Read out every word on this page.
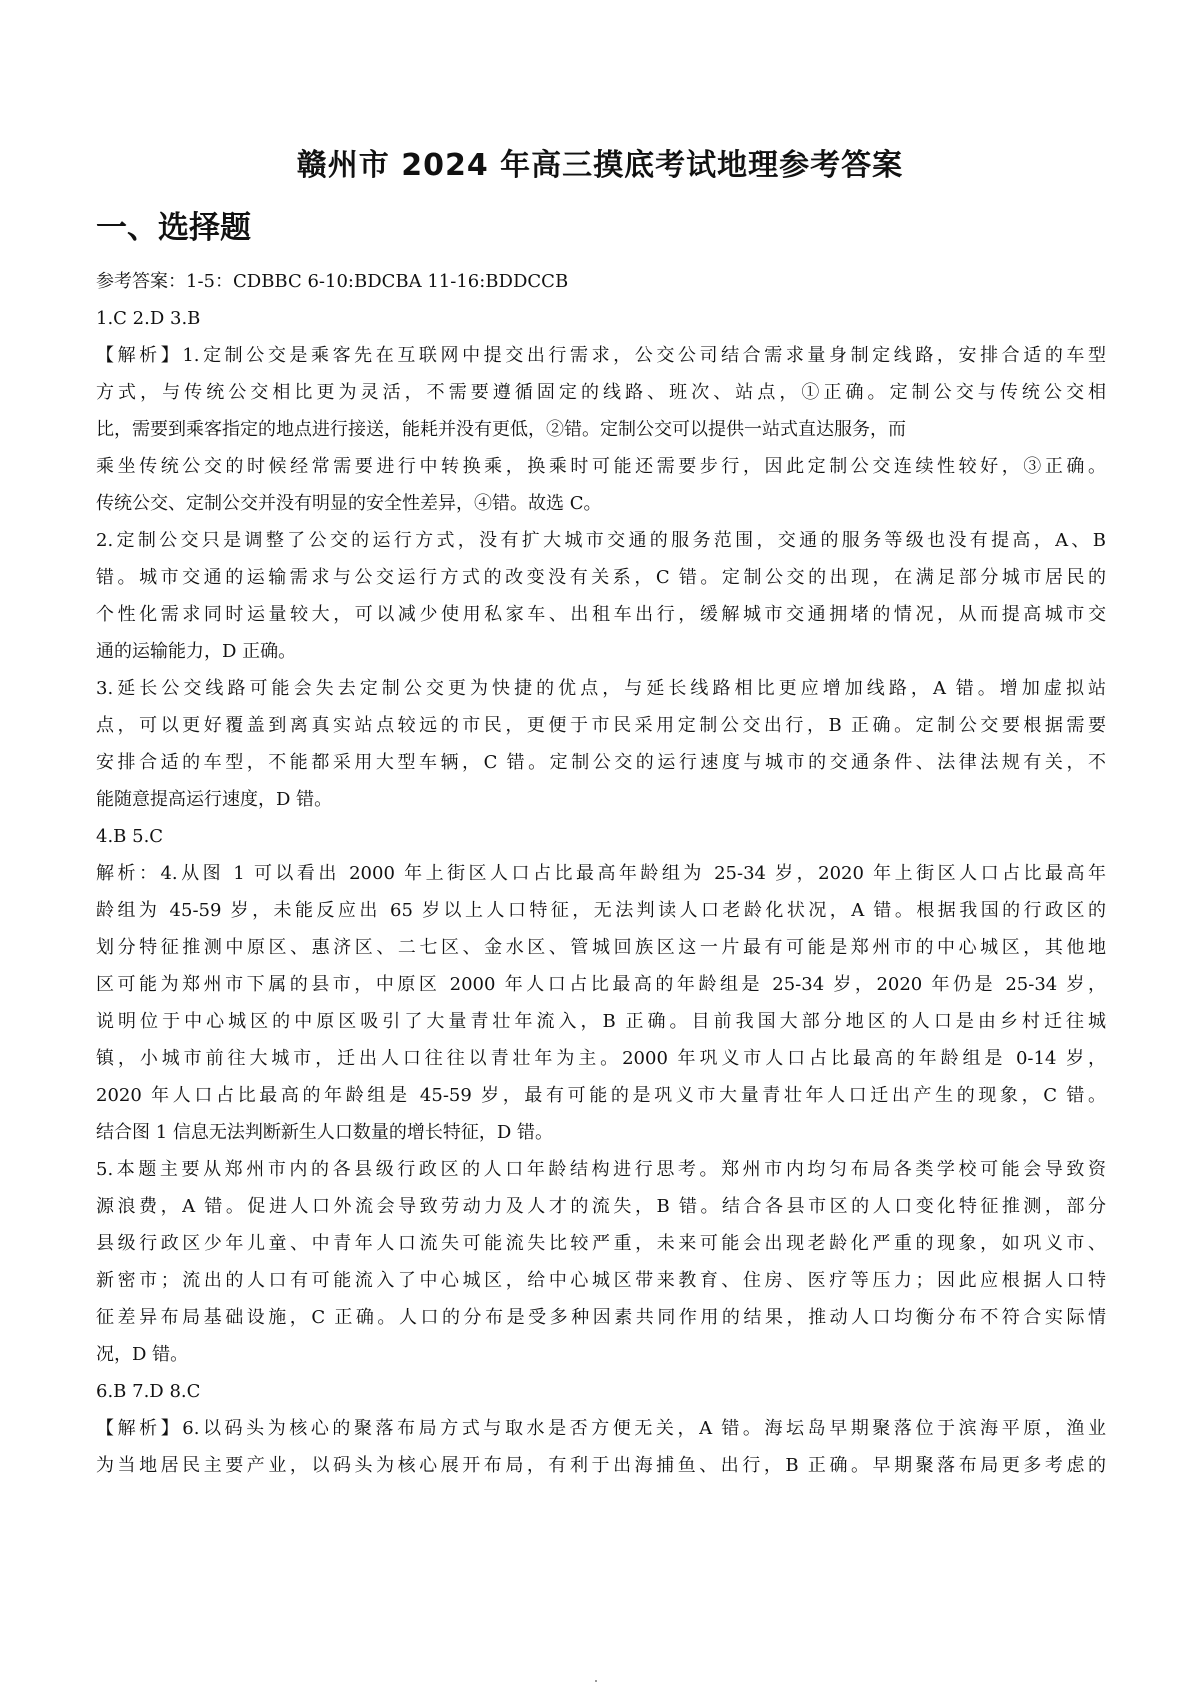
赣州市 2024 年高三摸底考试地理参考答案
一、选择题
参考答案：1-5：CDBBC 6-10:BDCBA 11-16:BDDCCB
1.C 2.D 3.B
【解析】1.定制公交是乘客先在互联网中提交出行需求，公交公司结合需求量身制定线路，安排合适的车型
方式，与传统公交相比更为灵活，不需要遵循固定的线路、班次、站点，①正确。定制公交与传统公交相
比，需要到乘客指定的地点进行接送，能耗并没有更低，②错。定制公交可以提供一站式直达服务，而
乘坐传统公交的时候经常需要进行中转换乘，换乘时可能还需要步行，因此定制公交连续性较好，③正确。
传统公交、定制公交并没有明显的安全性差异，④错。故选 C。
2.定制公交只是调整了公交的运行方式，没有扩大城市交通的服务范围，交通的服务等级也没有提高，A、B
错。城市交通的运输需求与公交运行方式的改变没有关系，C 错。定制公交的出现，在满足部分城市居民的
个性化需求同时运量较大，可以减少使用私家车、出租车出行，缓解城市交通拥堵的情况，从而提高城市交
通的运输能力，D 正确。
3.延长公交线路可能会失去定制公交更为快捷的优点，与延长线路相比更应增加线路，A 错。增加虚拟站
点，可以更好覆盖到离真实站点较远的市民，更便于市民采用定制公交出行，B 正确。定制公交要根据需要
安排合适的车型，不能都采用大型车辆，C 错。定制公交的运行速度与城市的交通条件、法律法规有关，不
能随意提高运行速度，D 错。
4.B 5.C
解析：4.从图 1 可以看出 2000 年上街区人口占比最高年龄组为 25-34 岁，2020 年上街区人口占比最高年
龄组为 45-59 岁，未能反应出 65 岁以上人口特征，无法判读人口老龄化状况，A 错。根据我国的行政区的
划分特征推测中原区、惠济区、二七区、金水区、管城回族区这一片最有可能是郑州市的中心城区，其他地
区可能为郑州市下属的县市，中原区 2000 年人口占比最高的年龄组是 25-34 岁，2020 年仍是 25-34 岁，
说明位于中心城区的中原区吸引了大量青壮年流入，B 正确。目前我国大部分地区的人口是由乡村迁往城
镇，小城市前往大城市，迁出人口往往以青壮年为主。2000 年巩义市人口占比最高的年龄组是 0-14 岁，
2020 年人口占比最高的年龄组是 45-59 岁，最有可能的是巩义市大量青壮年人口迁出产生的现象，C 错。
结合图 1 信息无法判断新生人口数量的增长特征，D 错。
5.本题主要从郑州市内的各县级行政区的人口年龄结构进行思考。郑州市内均匀布局各类学校可能会导致资
源浪费，A 错。促进人口外流会导致劳动力及人才的流失，B 错。结合各县市区的人口变化特征推测，部分
县级行政区少年儿童、中青年人口流失可能流失比较严重，未来可能会出现老龄化严重的现象，如巩义市、
新密市；流出的人口有可能流入了中心城区，给中心城区带来教育、住房、医疗等压力；因此应根据人口特
征差异布局基础设施，C 正确。人口的分布是受多种因素共同作用的结果，推动人口均衡分布不符合实际情
况，D 错。
6.B 7.D 8.C
【解析】6.以码头为核心的聚落布局方式与取水是否方便无关，A 错。海坛岛早期聚落位于滨海平原，渔业
为当地居民主要产业，以码头为核心展开布局，有利于出海捕鱼、出行，B 正确。早期聚落布局更多考虑的
